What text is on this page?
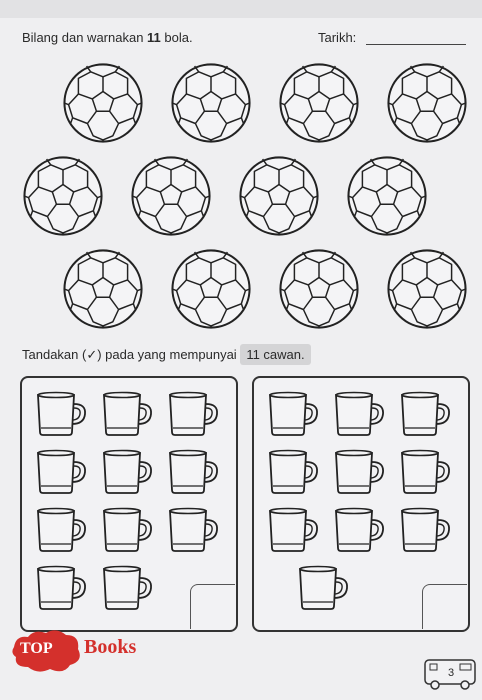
Bilang dan warnakan 11 bola.	Tarikh:
Tandakan (✓) pada yang mempunyai 11 cawan.
TOP Books
3
